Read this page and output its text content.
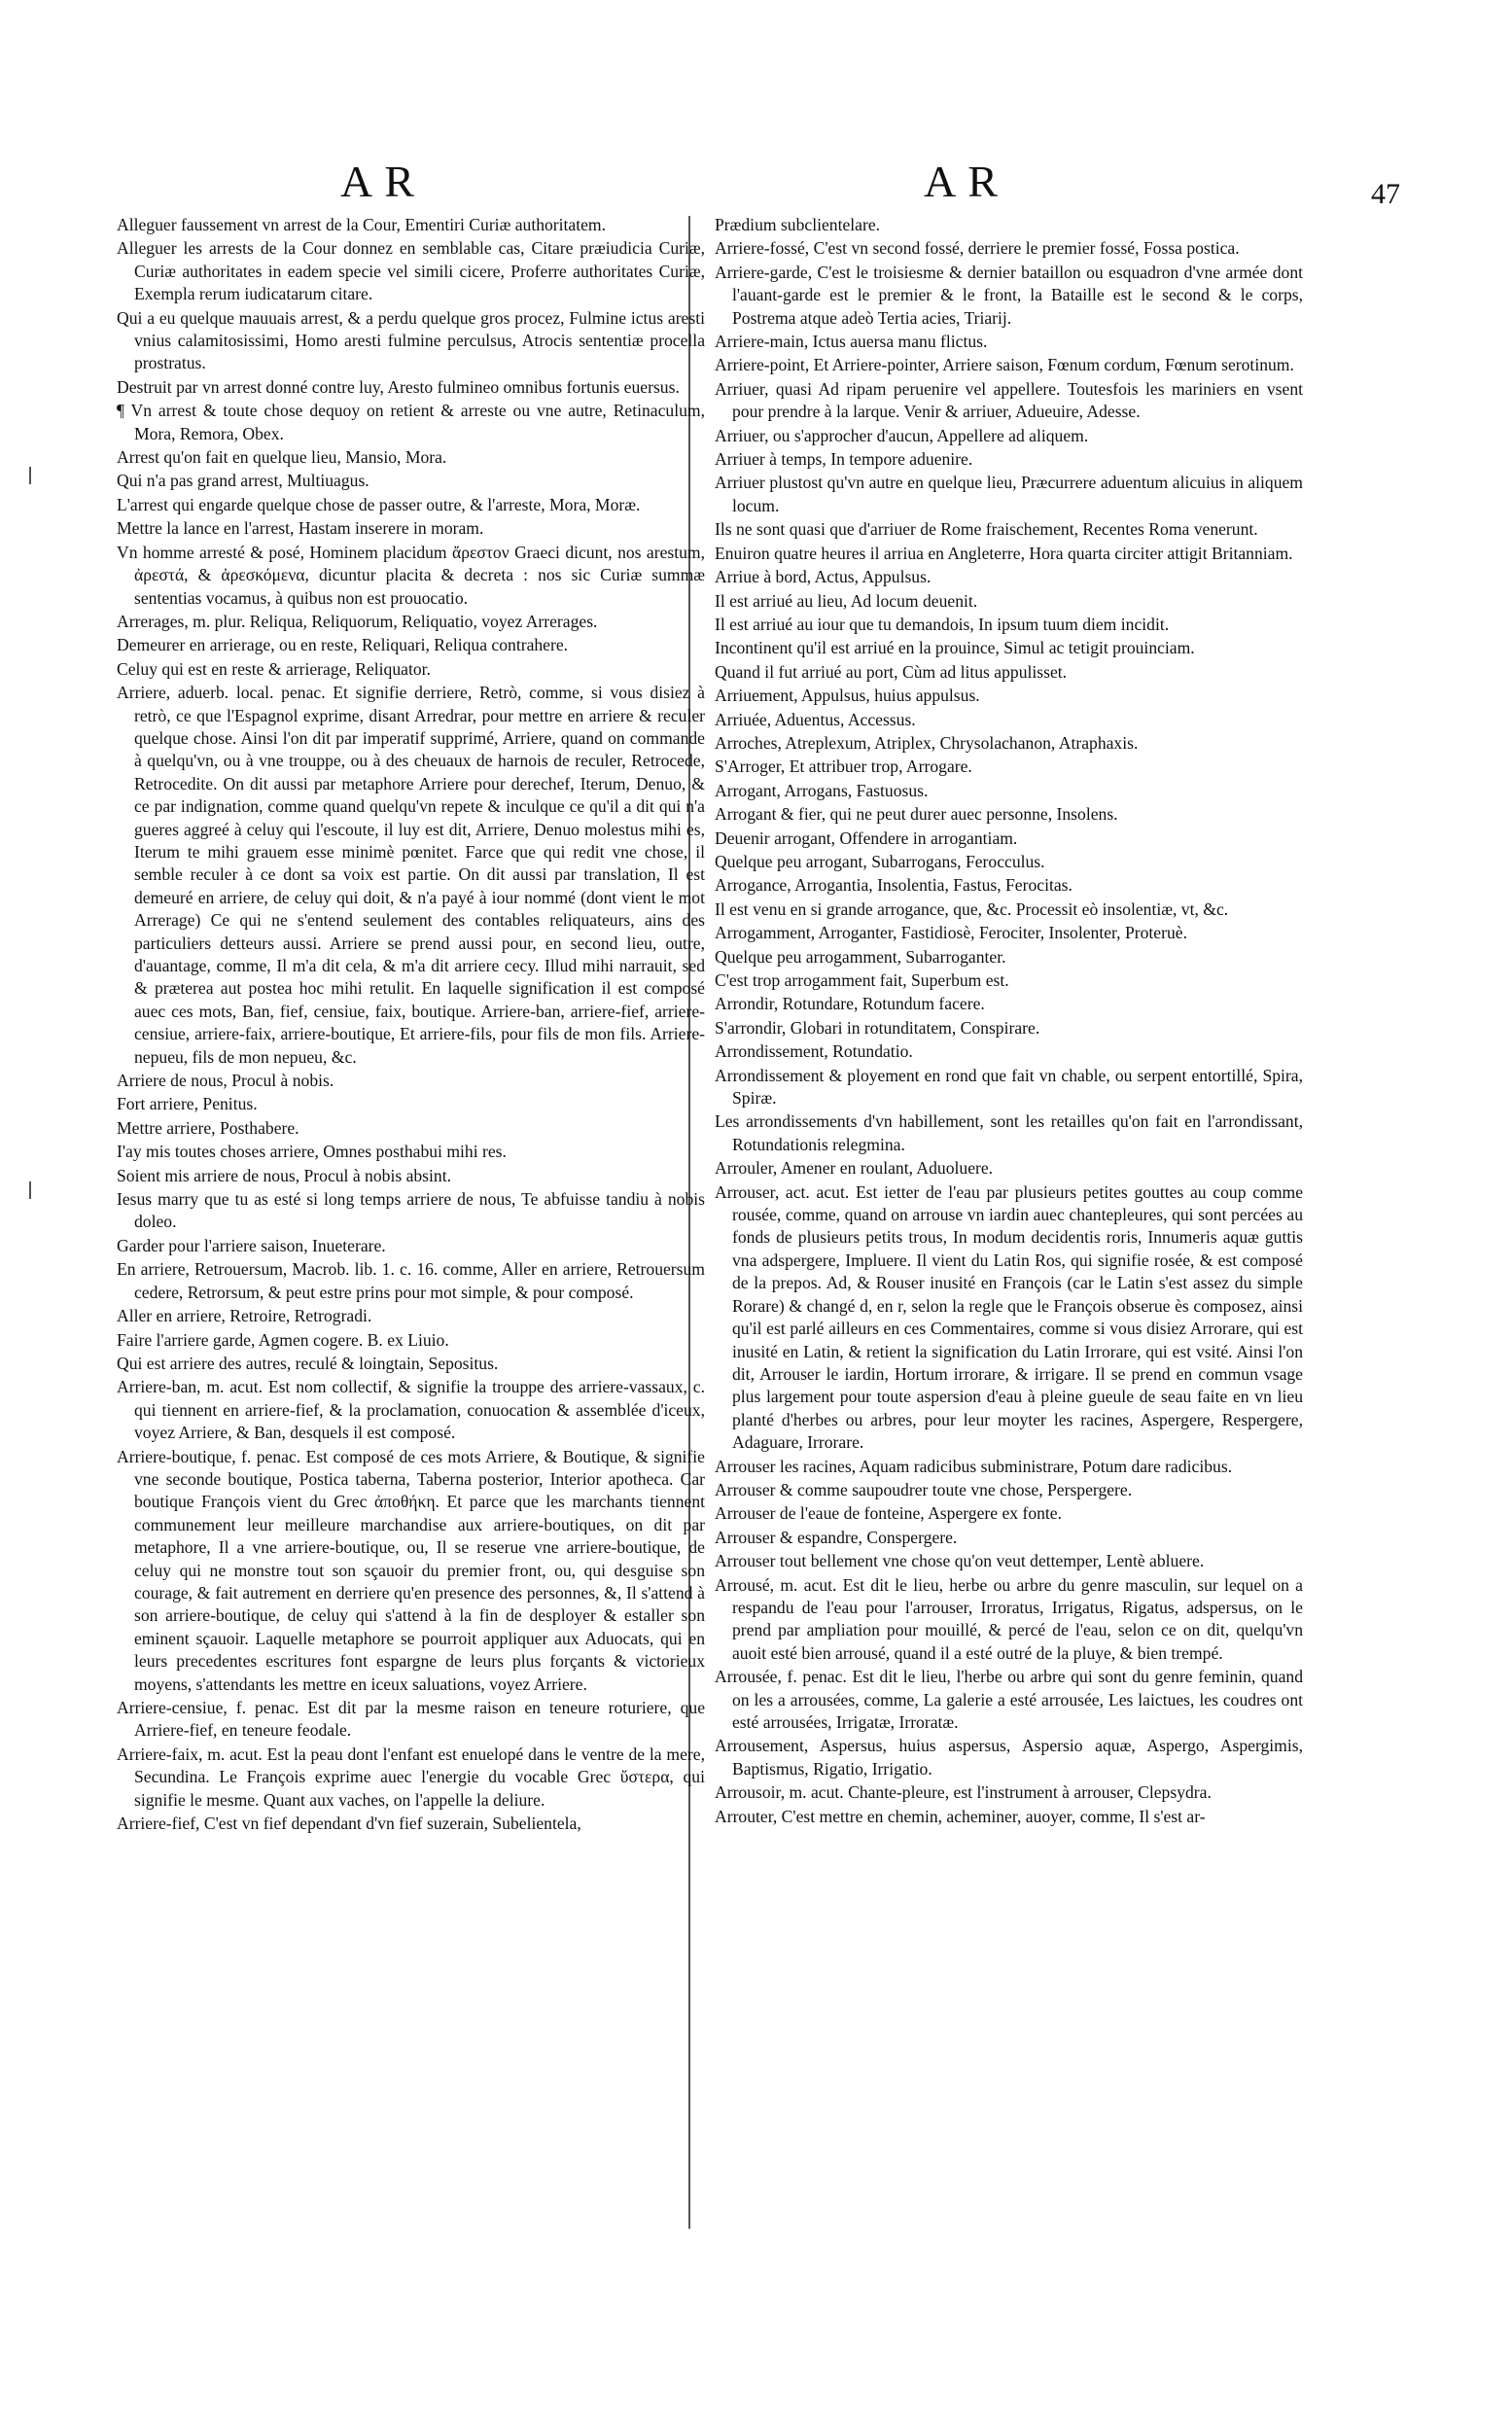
AR	AR	47
Alleguer faussement vn arrest de la Cour, Ementiri Curiæ authoritatem.
Alleguer les arrests de la Cour donnez en semblable cas, Citare præiudicia Curiæ, Curiæ authoritates in eadem specie vel simili cicere, Proferre authoritates Curiæ, Exempla rerum iudicatarum citare.
Qui a eu quelque mauuais arrest, & a perdu quelque gros procez, Fulmine ictus aresti vnius calamitosissimi, Homo aresti fulmine perculsus, Atrocis sententiæ procella prostratus.
Destruit par vn arrest donné contre luy, Aresto fulmineo omnibus fortunis euersus.
¶ Vn arrest & toute chose dequoy on retient & arreste ou vne autre, Retinaculum, Mora, Remora, Obex.
Arrest qu'on fait en quelque lieu, Mansio, Mora.
Qui n'a pas grand arrest, Multiuagus.
L'arrest qui engarde quelque chose de passer outre, & l'arreste, Mora, Moræ.
Mettre la lance en l'arrest, Hastam inserere in moram.
Vn homme arresté & posé, Hominem placidum ἄρεστον Graeci dicunt, nos arestum, ἀρεστά, & ἀρεσκόμενα, dicuntur placita & decreta : nos sic Curiæ summæ sententias vocamus, à quibus non est prouocatio.
Arrerages, m. plur. Reliqua, Reliquorum, Reliquatio, voyez Arrerages.
Demeurer en arrierage, ou en reste, Reliquari, Reliqua contrahere.
Celuy qui est en reste & arrierage, Reliquator.
Arriere, aduerb. local. penac. Et signifie derriere, Retrò, comme, si vous disiez à retrò, ce que l'Espagnol exprime, disant Arredrar, pour mettre en arriere & reculer quelque chose. Ainsi l'on dit par imperatif supprimé, Arriere, quand on commande à quelqu'vn, ou à vne trouppe, ou à des cheuaux de harnois de reculer, Retrocede, Retrocedite. On dit aussi par metaphore Arriere pour derechef, Iterum, Denuo, & ce par indignation, comme quand quelqu'vn repete & inculque ce qu'il a dit qui n'a gueres aggreé à celuy qui l'escoute, il luy est dit, Arriere, Denuo molestus mihi es, Iterum te mihi grauem esse minimè pœnitet. Farce que qui redit vne chose, il semble reculer à ce dont sa voix est partie. On dit aussi par translation, Il est demeuré en arriere, de celuy qui doit, & n'a payé à iour nommé (dont vient le mot Arrerage) Ce qui ne s'entend seulement des contables reliquateurs, ains des particuliers detteurs aussi. Arriere se prend aussi pour, en second lieu, outre, d'auantage, comme, Il m'a dit cela, & m'a dit arriere cecy. Illud mihi narrauit, sed & præterea aut postea hoc mihi retulit. En laquelle signification il est composé auec ces mots, Ban, fief, censiue, faix, boutique. Arriere-ban, arriere-fief, arriere-censiue, arriere-faix, arriere-boutique, Et arriere-fils, pour fils de mon fils. Arriere-nepueu, fils de mon nepueu, &c.
Arriere de nous, Procul à nobis.
Fort arriere, Penitus.
Mettre arriere, Posthabere.
I'ay mis toutes choses arriere, Omnes posthabui mihi res.
Soient mis arriere de nous, Procul à nobis absint.
Iesus marry que tu as esté si long temps arriere de nous, Te abfuisse tandiu à nobis doleo.
Garder pour l'arriere saison, Inueterare.
En arriere, Retrouersum, Macrob. lib. 1. c. 16. comme, Aller en arriere, Retrouersum cedere, Retrorsum, & peut estre prins pour mot simple, & pour composé.
Aller en arriere, Retroire, Retrogradi.
Faire l'arriere garde, Agmen cogere. B. ex Liuio.
Qui est arriere des autres, reculé & loingtain, Sepositus.
Arriere-ban, m. acut. Est nom collectif, & signifie la trouppe des arriere-vassaux, c. qui tiennent en arriere-fief, & la proclamation, conuocation & assemblée d'iceux, voyez Arriere, & Ban, desquels il est composé.
Arriere-boutique, f. penac. Est composé de ces mots Arriere, & Boutique, & signifie vne seconde boutique, Postica taberna, Taberna posterior, Interior apotheca. Car boutique François vient du Grec ἀποθήκη. Et parce que les marchants tiennent communement leur meilleure marchandise aux arriere-boutiques, on dit par metaphore, Il a vne arriere-boutique, ou, Il se reserue vne arriere-boutique, de celuy qui ne monstre tout son sçauoir du premier front, ou, qui desguise son courage, & fait autrement en derriere qu'en presence des personnes, &, Il s'attend à son arriere-boutique, de celuy qui s'attend à la fin de desployer & estaller son eminent sçauoir. Laquelle metaphore se pourroit appliquer aux Aduocats, qui en leurs precedentes escritures font espargne de leurs plus forçants & victorieux moyens, s'attendants les mettre en iceux saluations, voyez Arriere.
Arriere-censiue, f. penac. Est dit par la mesme raison en teneure roturiere, que Arriere-fief, en teneure feodale.
Arriere-faix, m. acut. Est la peau dont l'enfant est enuelopé dans le ventre de la mere, Secundina. Le François exprime auec l'energie du vocable Grec ὕστερα, qui signifie le mesme. Quant aux vaches, on l'appelle la deliure.
Arriere-fief, C'est vn fief dependant d'vn fief suzerain, Subelientela,
Prædium subclientelare.
Arriere-fossé, C'est vn second fossé, derriere le premier fossé, Fossa postica.
Arriere-garde, C'est le troisiesme & dernier bataillon ou esquadron d'vne armée dont l'auant-garde est le premier & le front, la Bataille est le second & le corps, Postrema atque adeò Tertia acies, Triarij.
Arriere-main, Ictus auersa manu flictus.
Arriere-point, Et Arriere-pointer, Arriere saison, Fœnum cordum, Fœnum serotinum.
Arriuer, quasi Ad ripam peruenire vel appellere. Toutesfois les mariniers en vsent pour prendre à la larque. Venir & arriuer, Adueuire, Adesse.
Arriuer, ou s'approcher d'aucun, Appellere ad aliquem.
Arriuer à temps, In tempore aduenire.
Arriuer plustost qu'vn autre en quelque lieu, Præcurrere aduentum alicuius in aliquem locum.
Ils ne sont quasi que d'arriuer de Rome fraischement, Recentes Roma venerunt.
Enuiron quatre heures il arriua en Angleterre, Hora quarta circiter attigit Britanniam.
Arriue à bord, Actus, Appulsus.
Il est arriué au lieu, Ad locum deuenit.
Il est arriué au iour que tu demandois, In ipsum tuum diem incidit.
Incontinent qu'il est arriué en la prouince, Simul ac tetigit prouinciam.
Quand il fut arriué au port, Cùm ad litus appulisset.
Arriuement, Appulsus, huius appulsus.
Arriuée, Aduentus, Accessus.
Arroches, Atreplexum, Atriplex, Chrysolachanon, Atraphaxis.
S'Arroger, Et attribuer trop, Arrogare.
Arrogant, Arrogans, Fastuosus.
Arrogant & fier, qui ne peut durer auec personne, Insolens.
Deuenir arrogant, Offendere in arrogantiam.
Quelque peu arrogant, Subarrogans, Ferocculus.
Arrogance, Arrogantia, Insolentia, Fastus, Ferocitas.
Il est venu en si grande arrogance, que, &c. Processit eò insolentiæ, vt, &c.
Arrogamment, Arroganter, Fastidiosè, Ferociter, Insolenter, Proteruè.
Quelque peu arrogamment, Subarroganter.
C'est trop arrogamment fait, Superbum est.
Arrondir, Rotundare, Rotundum facere.
S'arrondir, Globari in rotunditatem, Conspirare.
Arrondissement, Rotundatio.
Arrondissement & ployement en rond que fait vn chable, ou serpent entortillé, Spira, Spiræ.
Les arrondissements d'vn habillement, sont les retailles qu'on fait en l'arrondissant, Rotundationis relegmina.
Arrouler, Amener en roulant, Aduoluere.
Arrouser, act. acut. Est ietter de l'eau par plusieurs petites gouttes au coup comme rousée, comme, quand on arrouse vn iardin auec chantepleures, qui sont percées au fonds de plusieurs petits trous, In modum decidentis roris, Innumeris aquæ guttis vna adspergere, Impluere. Il vient du Latin Ros, qui signifie rosée, & est composé de la prepos. Ad, & Rouser inusité en François (car le Latin s'est assez du simple Rorare) & changé d, en r, selon la regle que le François obserue ès composez, ainsi qu'il est parlé ailleurs en ces Commentaires, comme si vous disiez Arrorare, qui est inusité en Latin, & retient la signification du Latin Irrorare, qui est vsité. Ainsi l'on dit, Arrouser le iardin, Hortum irrorare, & irrigare. Il se prend en commun vsage plus largement pour toute aspersion d'eau à pleine gueule de seau faite en vn lieu planté d'herbes ou arbres, pour leur moyter les racines, Aspergere, Respergere, Adaguare, Irrorare.
Arrouser les racines, Aquam radicibus subministrare, Potum dare radicibus.
Arrouser & comme saupoudrer toute vne chose, Perspergere.
Arrouser de l'eaue de fonteine, Aspergere ex fonte.
Arrouser & espandre, Conspergere.
Arrouser tout bellement vne chose qu'on veut dettemper, Lentè abluere.
Arrousé, m. acut. Est dit le lieu, herbe ou arbre du genre masculin, sur lequel on a respandu de l'eau pour l'arrouser, Irroratus, Irrigatus, Rigatus, adspersus, on le prend par ampliation pour mouillé, & percé de l'eau, selon ce on dit, quelqu'vn auoit esté bien arrousé, quand il a esté outré de la pluye, & bien trempé.
Arrousée, f. penac. Est dit le lieu, l'herbe ou arbre qui sont du genre feminin, quand on les a arrousées, comme, La galerie a esté arrousée, Les laictues, les coudres ont esté arrousées, Irrigatæ, Irroratæ.
Arrousement, Aspersus, huius aspersus, Aspersio aquæ, Aspergo, Aspergimis, Baptismus, Rigatio, Irrigatio.
Arrousoir, m. acut. Chante-pleure, est l'instrument à arrouser, Clepsydra.
Arrouter, C'est mettre en chemin, acheminer, auoyer, comme, Il s'est ar-
